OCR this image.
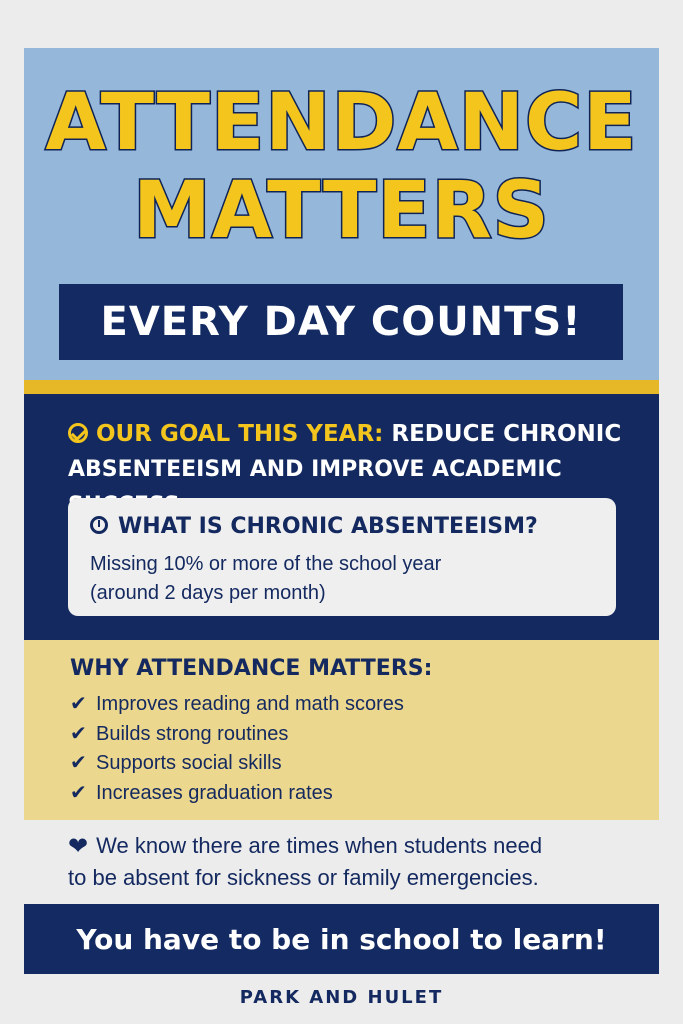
ATTENDANCE
MATTERS
EVERY DAY COUNTS!
OUR GOAL THIS YEAR: REDUCE CHRONIC
ABSENTEEISM AND IMPROVE ACADEMIC
WHAT IS CHRONIC ABSENTEEISM?
Missing 10% or more of the school year
(around 2 days per month)
WHY ATTENDANCE MATTERS:
✔ Improves reading and math scores
✔ Builds strong routines
✔ Supports social skills
✔ Increases graduation rates
❤ We know there are times when students need
to be absent for sickness or family emergencies.
You have to be in school to learn!
PARK AND HULET
